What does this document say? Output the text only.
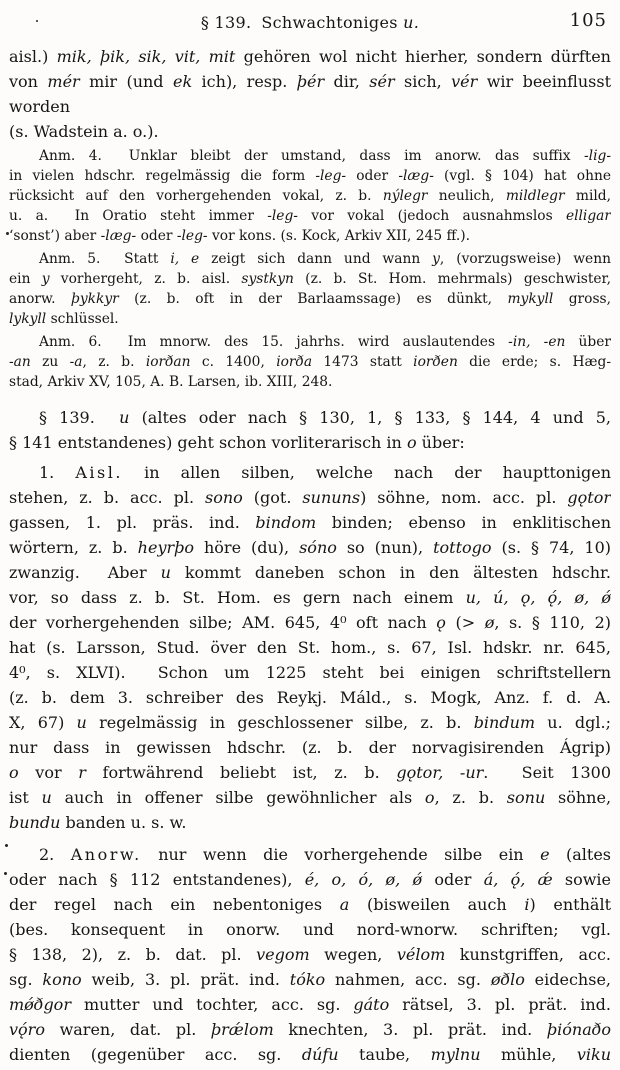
§ 139. Schwachtoniges u.	105
aisl.) mik, þik, sik, vit, mit gehören wol nicht hierher, sondern dürften
von mér mir (und ek ich), resp. þér dir, sér sich, vér wir beeinflusst worden
(s. Wadstein a. o.).
Anm. 4.  Unklar bleibt der umstand, dass im anorw. das suffix -lig-
in vielen hdschr. regelmässig die form -leg- oder -læg- (vgl. § 104) hat ohne
rücksicht auf den vorhergehenden vokal, z. b. nýlegr neulich, mildlegr mild,
u. a.  In Oratio steht immer -leg- vor vokal (jedoch ausnahmslos elligar
‘sonst’) aber -læg- oder -leg- vor kons. (s. Kock, Arkiv XII, 245 ff.).
Anm. 5.  Statt i, e zeigt sich dann und wann y, (vorzugsweise) wenn
ein y vorhergeht, z. b. aisl. systkyn (z. b. St. Hom. mehrmals) geschwister,
anorw. þykkyr (z. b. oft in der Barlaamssage) es dünkt, mykyll gross,
lykyll schlüssel.
Anm. 6.  Im mnorw. des 15. jahrhs. wird auslautendes -in, -en über
-an zu -a, z. b. iorðan c. 1400, iorða 1473 statt iorðen die erde; s. Hæg-
stad, Arkiv XV, 105, A. B. Larsen, ib. XIII, 248.
§ 139.  u (altes oder nach § 130, 1, § 133, § 144, 4 und 5,
§ 141 entstandenes) geht schon vorliterarisch in o über:
1. Aisl. in allen silben, welche nach der haupttonigen
stehen, z. b. acc. pl. sono (got. sununs) söhne, nom. acc. pl. gǫtor
gassen, 1. pl. präs. ind. bindom binden; ebenso in enklitischen
wörtern, z. b. heyrþo höre (du), sóno so (nun), tottogo (s. § 74, 10)
zwanzig.  Aber u kommt daneben schon in den ältesten hdschr.
vor, so dass z. b. St. Hom. es gern nach einem u, ú, ǫ, ǫ́, ø, ǿ
der vorhergehenden silbe; AM. 645, 4⁰ oft nach ǫ (> ø, s. § 110, 2)
hat (s. Larsson, Stud. över den St. hom., s. 67, Isl. hdskr. nr. 645,
4⁰, s. XLVI).  Schon um 1225 steht bei einigen schriftstellern
(z. b. dem 3. schreiber des Reykj. Máld., s. Mogk, Anz. f. d. A.
X, 67) u regelmässig in geschlossener silbe, z. b. bindum u. dgl.;
nur dass in gewissen hdschr. (z. b. der norvagisirenden Ágrip)
o vor r fortwährend beliebt ist, z. b. gǫtor, -ur.  Seit 1300
ist u auch in offener silbe gewöhnlicher als o, z. b. sonu söhne,
bundu banden u. s. w.
2. Anorw. nur wenn die vorhergehende silbe ein e (altes
oder nach § 112 entstandenes), é, o, ó, ø, ǿ oder á, ǫ́, ǽ sowie
der regel nach ein nebentoniges a (bisweilen auch i) enthält
(bes. konsequent in onorw. und nord-wnorw. schriften; vgl.
§ 138, 2), z. b. dat. pl. vegom wegen, vélom kunstgriffen, acc.
sg. kono weib, 3. pl. prät. ind. tóko nahmen, acc. sg. øðlo eidechse,
mǿðgor mutter und tochter, acc. sg. gáto rätsel, 3. pl. prät. ind.
vǫ́ro waren, dat. pl. þrǽlom knechten, 3. pl. prät. ind. þiónaðo
dienten (gegenüber acc. sg. dúfu taube, mylnu mühle, viku
